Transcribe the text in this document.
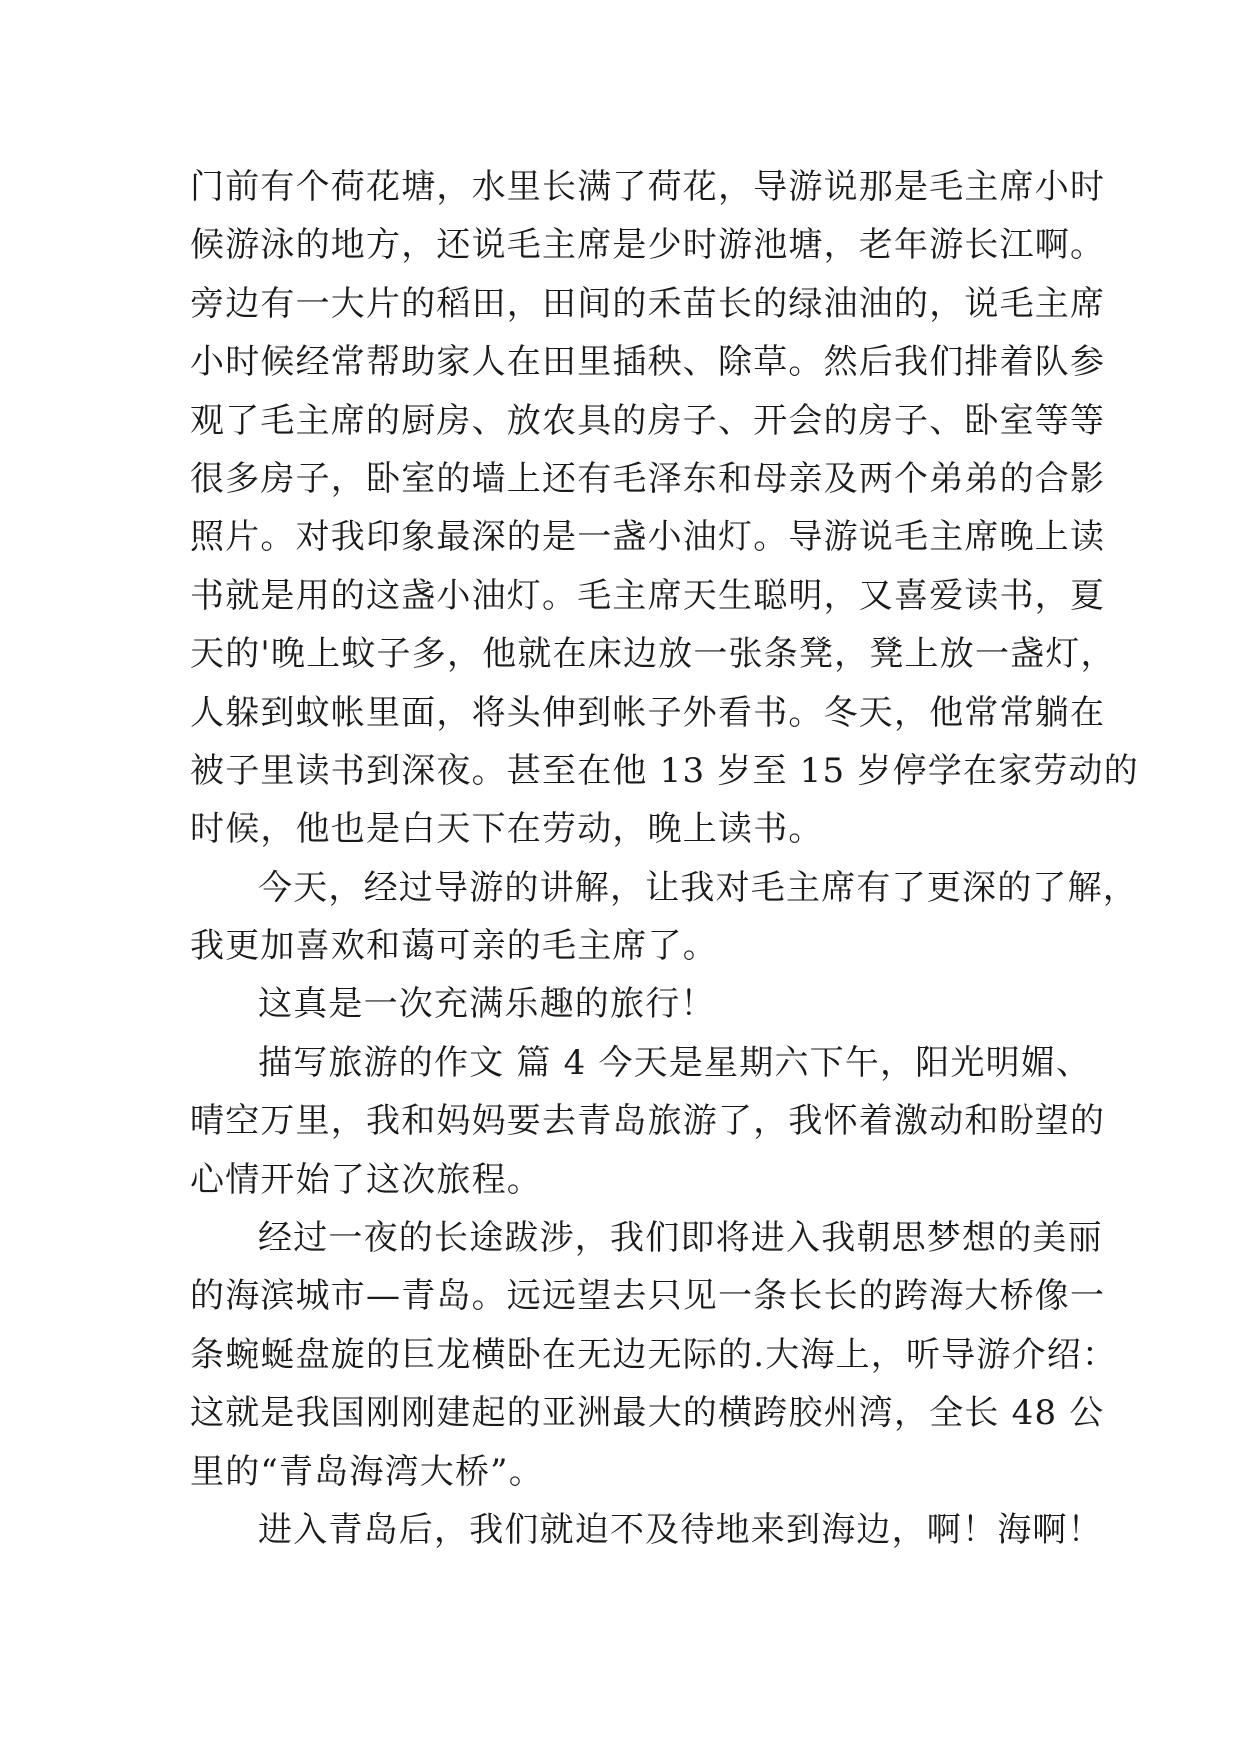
门前有个荷花塘，水里长满了荷花，导游说那是毛主席小时
候游泳的地方，还说毛主席是少时游池塘，老年游长江啊。
旁边有一大片的稻田，田间的禾苗长的绿油油的，说毛主席
小时候经常帮助家人在田里插秧、除草。然后我们排着队参
观了毛主席的厨房、放农具的房子、开会的房子、卧室等等
很多房子，卧室的墙上还有毛泽东和母亲及两个弟弟的合影
照片。对我印象最深的是一盏小油灯。导游说毛主席晚上读
书就是用的这盏小油灯。毛主席天生聪明，又喜爱读书，夏
天的'晚上蚊子多，他就在床边放一张条凳，凳上放一盏灯，
人躲到蚊帐里面，将头伸到帐子外看书。冬天，他常常躺在
被子里读书到深夜。甚至在他 13 岁至 15 岁停学在家劳动的
时候，他也是白天下在劳动，晚上读书。
今天，经过导游的讲解，让我对毛主席有了更深的了解，
我更加喜欢和蔼可亲的毛主席了。
这真是一次充满乐趣的旅行！
描写旅游的作文 篇 4 今天是星期六下午，阳光明媚、
晴空万里，我和妈妈要去青岛旅游了，我怀着激动和盼望的
心情开始了这次旅程。
经过一夜的长途跋涉，我们即将进入我朝思梦想的美丽
的海滨城市—青岛。远远望去只见一条长长的跨海大桥像一
条蜿蜒盘旋的巨龙横卧在无边无际的.大海上，听导游介绍：
这就是我国刚刚建起的亚洲最大的横跨胶州湾，全长 48 公
里的“青岛海湾大桥”。
进入青岛后，我们就迫不及待地来到海边，啊！海啊！
